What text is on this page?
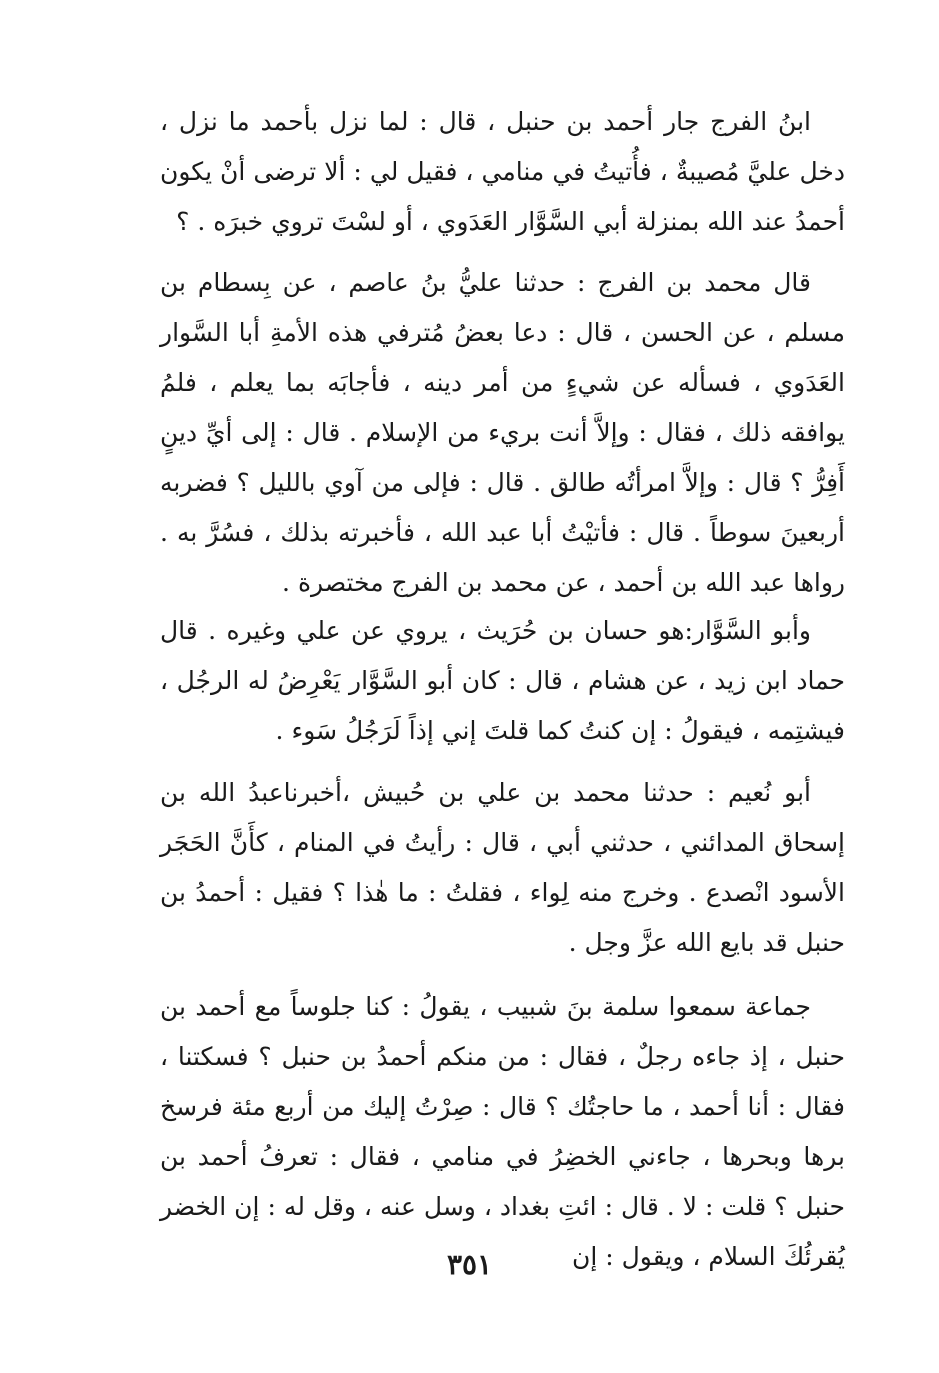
ابنُ الفرج جار أحمد بن حنبل ، قال : لما نزل بأحمد ما نزل ، دخل عليَّ مُصيبةٌ ، فأُتيتُ في منامي ، فقيل لي : ألا ترضى أنْ يكون أحمدُ عند الله بمنزلة أبي السَّوَّار العَدَوي ، أو لسْتَ تروي خبرَه . ؟

قال محمد بن الفرج : حدثنا عليُّ بنُ عاصم ، عن بِسطام بن مسلم ، عن الحسن ، قال : دعا بعضُ مُترفي هذه الأمةِ أبا السَّوار العَدَوي ، فسأله عن شيءٍ من أمر دينه ، فأجابَه بما يعلم ، فلمُ يوافقه ذلك ، فقال : وإلاَّ أنت بريء من الإسلام . قال : إلى أيِّ دينٍ أَفِرُّ ؟ قال : وإلاَّ امرأتُه طالق . قال : فإلى من آوي بالليل ؟ فضربه أربعينَ سوطاً . قال : فأتيْتُ أبا عبد الله ، فأخبرته بذلك ، فسُرَّ به . رواها عبد الله بن أحمد ، عن محمد بن الفرج مختصرة .

وأبو السَّوَّار:هو حسان بن حُرَيث ، يروي عن علي وغيره . قال حماد ابن زيد ، عن هشام ، قال : كان أبو السَّوَّار يَعْرِضُ له الرجُل ، فيشتِمه ، فيقولُ : إن كنتُ كما قلتَ إني إذاً لَرَجُلُ سَوء .

أبو نُعيم : حدثنا محمد بن علي بن حُبيش ،أخبرناعبدُ الله بن إسحاق المدائني ، حدثني أبي ، قال : رأيتُ في المنام ، كأَنَّ الحَجَر الأسود انْصدع . وخرج منه لِواء ، فقلتُ : ما هٰذا ؟ فقيل : أحمدُ بن حنبل قد بايع الله عزَّ وجل .

جماعة سمعوا سلمة بنَ شبيب ، يقولُ : كنا جلوساً مع أحمد بن حنبل ، إذ جاءه رجلٌ ، فقال : من منكم أحمدُ بن حنبل ؟ فسكتنا ، فقال : أنا أحمد ، ما حاجتُك ؟ قال : صِرْتُ إليك من أربع مئة فرسخ برها وبحرها ، جاءني الخضِرُ في منامي ، فقال : تعرفُ أحمد بن حنبل ؟ قلت : لا . قال : ائتِ بغداد ، وسل عنه ، وقل له : إن الخضر يُقرئُكَ السلام ، ويقول : إن

٣٥١
